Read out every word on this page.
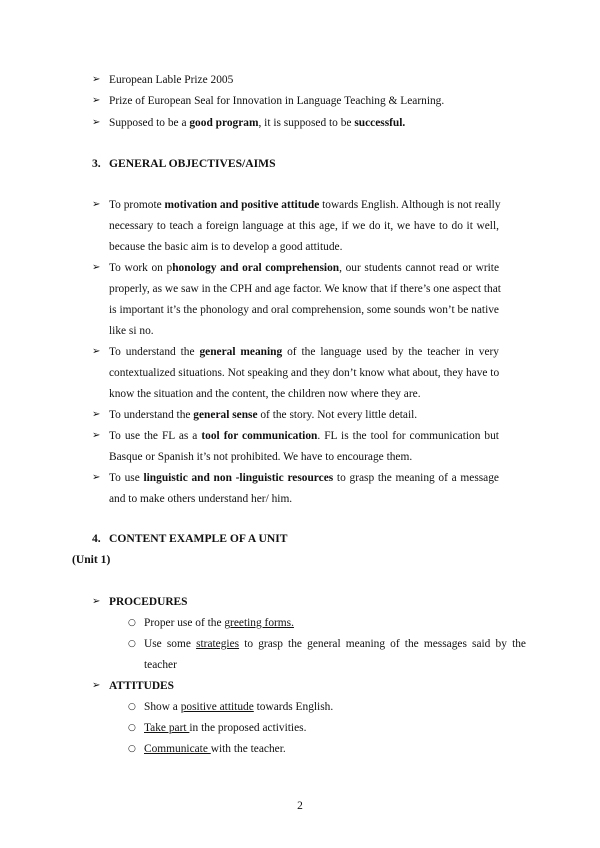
➢ European Lable Prize 2005
➢ Prize of European Seal for Innovation in Language Teaching & Learning.
➢ Supposed to be a good program, it is supposed to be successful.
3. GENERAL OBJECTIVES/AIMS
➢ To promote motivation and positive attitude towards English. Although is not really
necessary to teach a foreign language at this age, if we do it, we have to do it well,
because the basic aim is to develop a good attitude.
➢ To work on phonology and oral comprehension, our students cannot read or write
properly, as we saw in the CPH and age factor. We know that if there’s one aspect that
is important it’s the phonology and oral comprehension, some sounds won’t be native
like si no.
➢ To understand the general meaning of the language used by the teacher in very
contextualized situations. Not speaking and they don’t know what about, they have to
know the situation and the content, the children now where they are.
➢ To understand the general sense of the story. Not every little detail.
➢ To use the FL as a tool for communication. FL is the tool for communication but
Basque or Spanish it’s not prohibited. We have to encourage them.
➢ To use linguistic and non -linguistic resources to grasp the meaning of a message
and to make others understand her/ him.
4. CONTENT EXAMPLE OF A UNIT
(Unit 1)
➢ PROCEDURES
○ Proper use of the greeting forms.
○ Use some strategies to grasp the general meaning of the messages said by the
teacher
➢ ATTITUDES
○ Show a positive attitude towards English.
○ Take part in the proposed activities.
○ Communicate with the teacher.
2
